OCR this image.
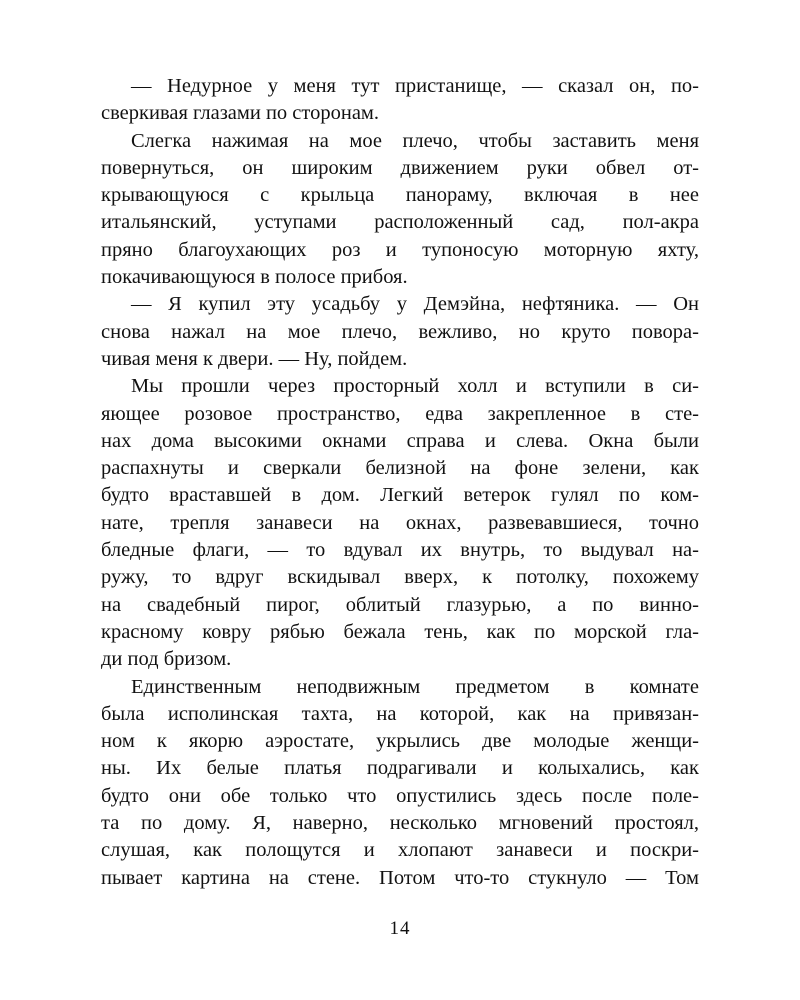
— Недурное у меня тут пристанище, — сказал он, по-
сверкивая глазами по сторонам.
Слегка нажимая на мое плечо, чтобы заставить меня
повернуться, он широким движением руки обвел от-
крывающуюся с крыльца панораму, включая в нее
итальянский, уступами расположенный сад, пол-акра
пряно благоухающих роз и тупоносую моторную яхту,
покачивающуюся в полосе прибоя.
— Я купил эту усадьбу у Демэйна, нефтяника. — Он
снова нажал на мое плечо, вежливо, но круто повора-
чивая меня к двери. — Ну, пойдем.
Мы прошли через просторный холл и вступили в си-
яющее розовое пространство, едва закрепленное в сте-
нах дома высокими окнами справа и слева. Окна были
распахнуты и сверкали белизной на фоне зелени, как
будто враставшей в дом. Легкий ветерок гулял по ком-
нате, трепля занавеси на окнах, развевавшиеся, точно
бледные флаги, — то вдувал их внутрь, то выдувал на-
ружу, то вдруг вскидывал вверх, к потолку, похожему
на свадебный пирог, облитый глазурью, а по винно-
красному ковру рябью бежала тень, как по морской гла-
ди под бризом.
Единственным неподвижным предметом в комнате
была исполинская тахта, на которой, как на привязан-
ном к якорю аэростате, укрылись две молодые женщи-
ны. Их белые платья подрагивали и колыхались, как
будто они обе только что опустились здесь после поле-
та по дому. Я, наверно, несколько мгновений простоял,
слушая, как полощутся и хлопают занавеси и поскри-
пывает картина на стене. Потом что-то стукнуло — Том
14
